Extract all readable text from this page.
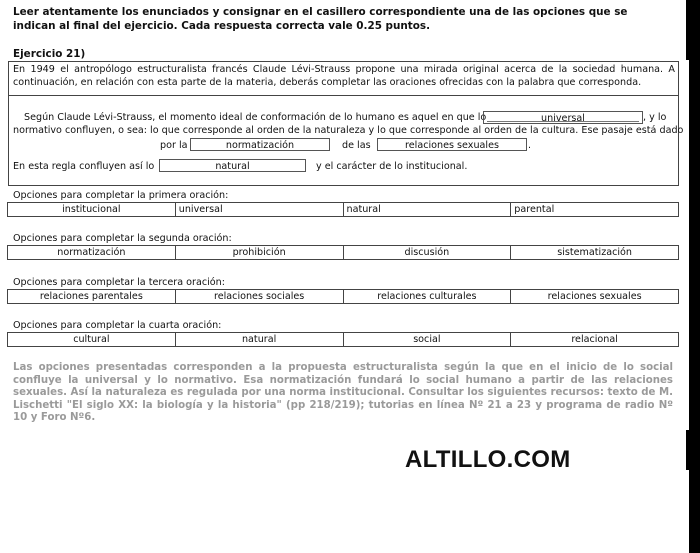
Leer atentamente los enunciados y consignar en el casillero correspondiente una de las opciones que se indican al final del ejercicio. Cada respuesta correcta vale 0.25 puntos.
Ejercicio 21)
En 1949 el antropólogo estructuralista francés Claude Lévi-Strauss propone una mirada original acerca de la sociedad humana. A continuación, en relación con esta parte de la materia, deberás completar las oraciones ofrecidas con la palabra que corresponda.
Según Claude Lévi-Strauss, el momento ideal de conformación de lo humano es aquel en que lo	universal	, y lo
normativo confluyen, o sea: lo que corresponde al orden de la naturaleza y lo que corresponde al orden de la cultura. Ese pasaje está dado
por la	normatización	de las	relaciones sexuales	.
En esta regla confluyen así lo	natural	y el carácter de lo institucional.
Opciones para completar la primera oración:
institucional	universal	natural	parental
Opciones para completar la segunda oración:
normatización	prohibición	discusión	sistematización
Opciones para completar la tercera oración:
relaciones parentales	relaciones sociales	relaciones culturales	relaciones sexuales
Opciones para completar la cuarta oración:
cultural	natural	social	relacional
Las opciones presentadas corresponden a la propuesta estructuralista según la que en el inicio de lo social confluye la universal y lo normativo. Esa normatización fundará lo social humano a partir de las relaciones sexuales. Así la naturaleza es regulada por una norma institucional. Consultar los siguientes recursos: texto de M. Lischetti "El siglo XX: la biología y la historia" (pp 218/219); tutorias en línea Nº 21 a 23 y programa de radio Nº 10 y Foro Nº6.
ALTILLO.COM
